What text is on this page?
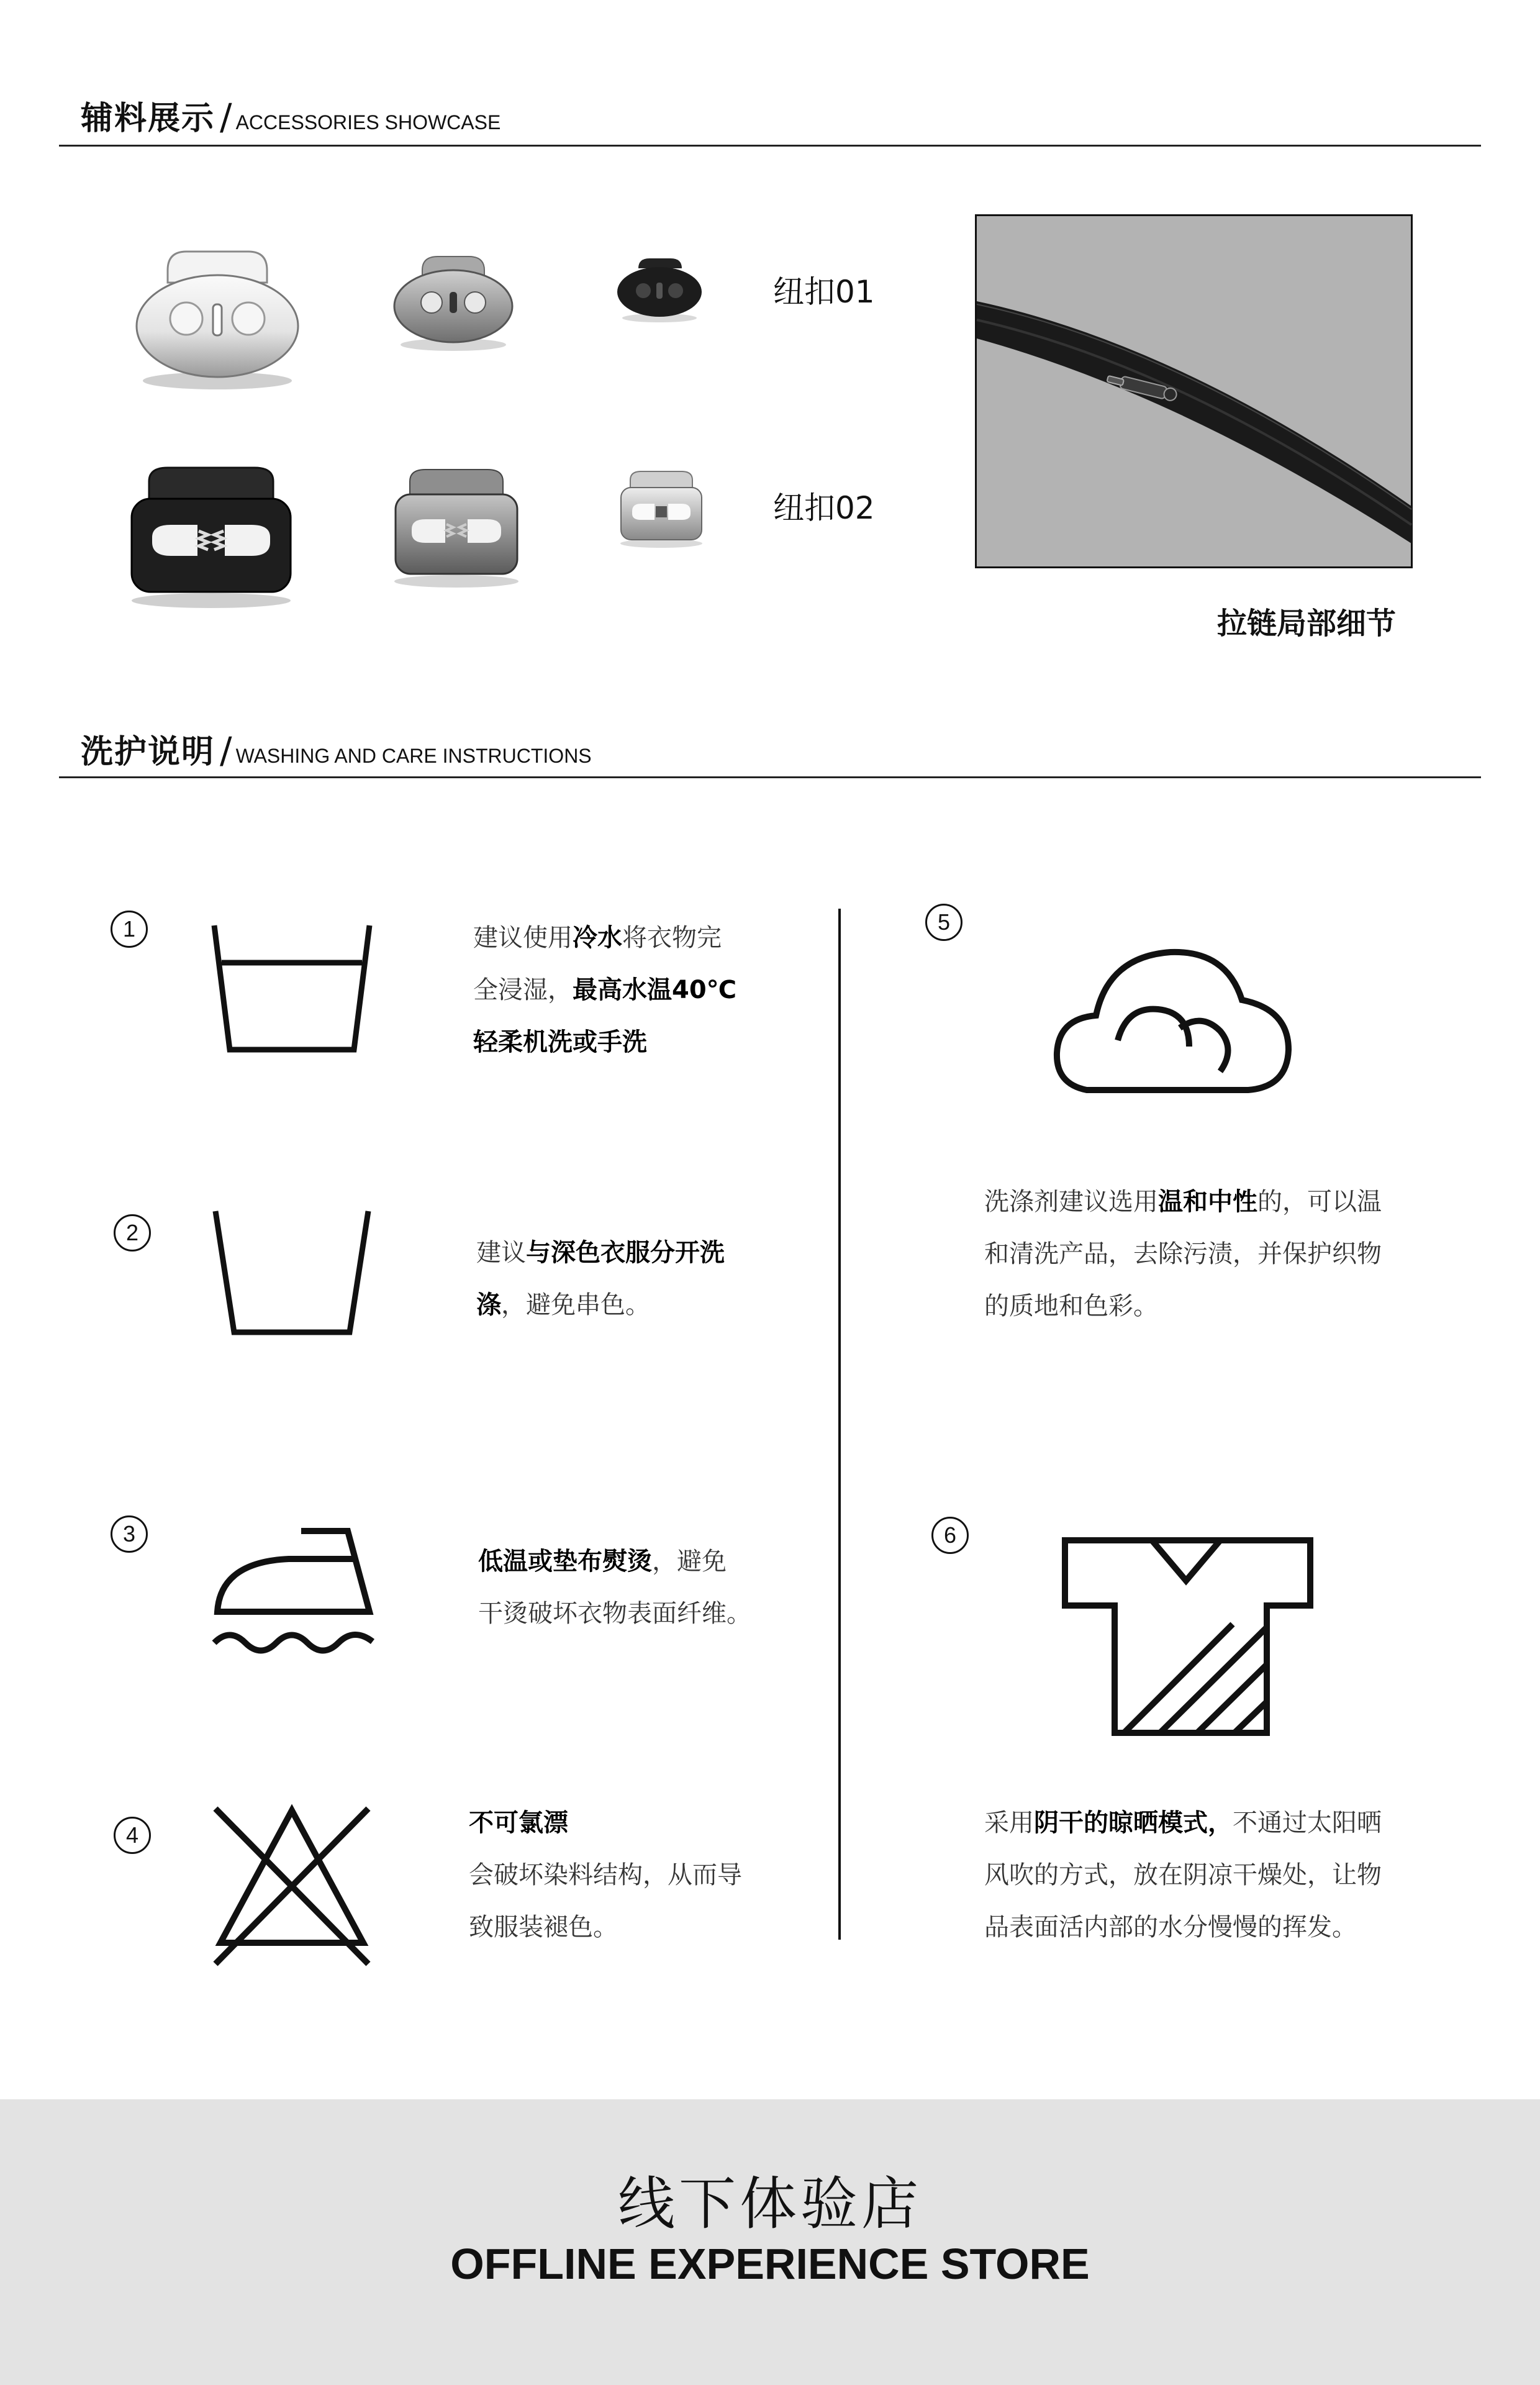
辅料展示 / ACCESSORIES SHOWCASE
纽扣01
纽扣02
拉链局部细节
洗护说明 / WASHING AND CARE INSTRUCTIONS
1	建议使用冷水将衣物完
全浸湿，最高水温40℃
轻柔机洗或手洗
2
建议与深色衣服分开洗
涤，避免串色。
3
低温或垫布熨烫，避免
干烫破坏衣物表面纤维。
4	不可氯漂
会破坏染料结构，从而导
致服装褪色。
5
洗涤剂建议选用温和中性的，可以温
和清洗产品，去除污渍，并保护织物
的质地和色彩。
6
采用阴干的晾晒模式，不通过太阳晒
风吹的方式，放在阴凉干燥处，让物
品表面活内部的水分慢慢的挥发。
线下体验店
OFFLINE EXPERIENCE STORE
